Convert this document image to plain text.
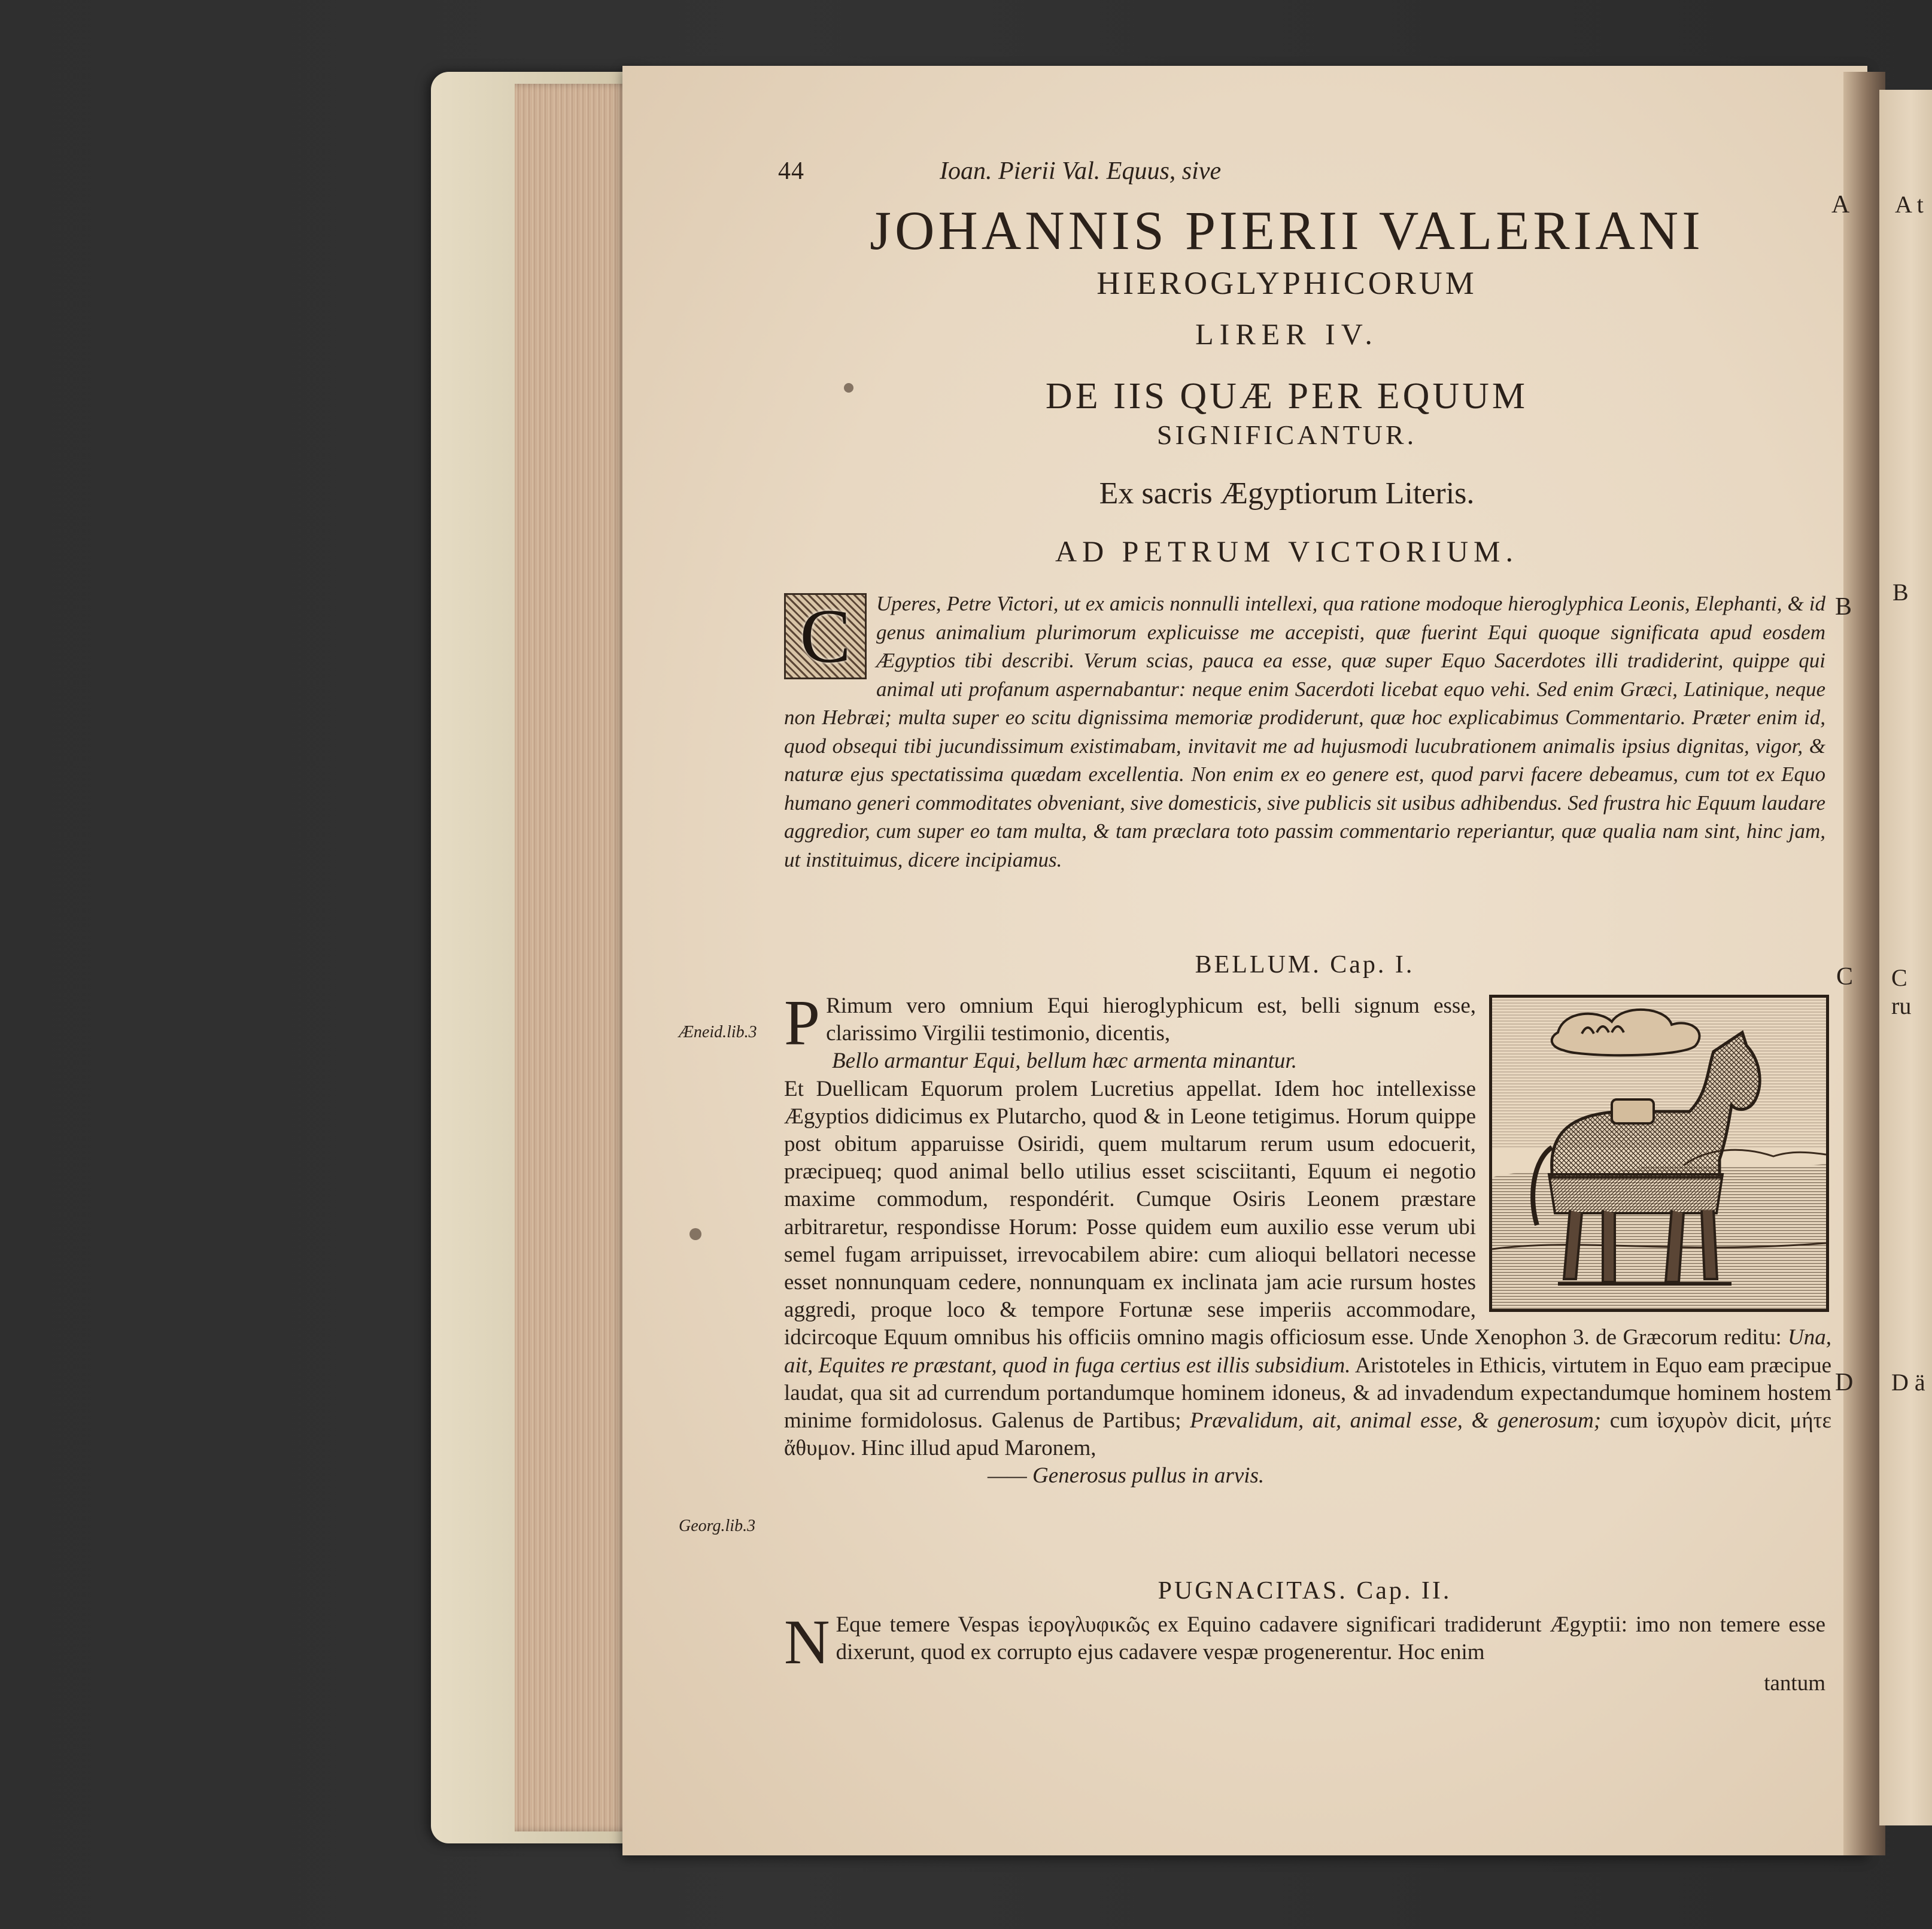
44	Ioan. Pierii Val. Equus, sive
JOHANNIS PIERII VALERIANI
HIEROGLYPHICORUM
LIRER IV.
DE IIS QUÆ PER EQUUM
SIGNIFICANTUR.
Ex sacris Ægyptiorum Literis.
AD PETRUM VICTORIUM.
A
B
C
D

C	Uperes, Petre Victori, ut ex amicis nonnulli intellexi, qua ratione modoque hieroglyphica Leonis, Elephanti, & id genus animalium plurimorum explicuisse me accepisti, quæ fuerint Equi quoque significata apud eosdem Ægyptios tibi describi. Verum scias, pauca ea esse, quæ super Equo Sacerdotes illi tradiderint, quippe qui animal uti profanum aspernabantur: neque enim Sacerdoti licebat equo vehi. Sed enim Græci, Latinique, neque non Hebræi; multa super eo scitu dignissima memoriæ prodiderunt, quæ hoc explicabimus Commentario. Præter enim id, quod obsequi tibi jucundissimum existimabam, invitavit me ad hujusmodi lucubrationem animalis ipsius dignitas, vigor, & naturæ ejus spectatissima quædam excellentia. Non enim ex eo genere est, quod parvi facere debeamus, cum tot ex Equo humano generi commoditates obveniant, sive domesticis, sive publicis sit usibus adhibendus. Sed frustra hic Equum laudare aggredior, cum super eo tam multa, & tam præclara toto passim commentario reperiantur, quæ qualia nam sint, hinc jam, ut instituimus, dicere incipiamus.

BELLUM. Cap. I.
Æneid.lib.3
Georg.lib.3
P Rimum vero omnium Equi hieroglyphicum est, belli signum esse, clarissimo Virgilii testimonio, dicentis,
Bello armantur Equi, bellum hæc armenta minantur.
Et Duellicam Equorum prolem Lucretius appellat. Idem hoc intellexisse Ægyptios didicimus ex Plutarcho, quod & in Leone tetigimus. Horum quippe post obitum apparuisse Osiridi, quem multarum rerum usum edocuerit, præcipueq; quod animal bello utilius esset scisciitanti, Equum ei negotio maxime commodum, respondérit. Cumque Osiris Leonem præstare arbitraretur, respondisse Horum: Posse quidem eum auxilio esse verum ubi semel fugam arripuisset, irrevocabilem abire: cum alioqui bellatori necesse esset nonnunquam cedere, nonnunquam ex inclinata jam acie rursum hostes aggredi, proque loco & tempore Fortunæ sese imperiis accommodare, idcircoque Equum omnibus his officiis omnino magis officiosum esse. Unde Xenophon 3. de Græcorum reditu: Una, ait, Equites re præstant, quod in fuga certius est illis subsidium. Aristoteles in Ethicis, virtutem in Equo eam præcipue laudat, qua sit ad currendum portandumque hominem idoneus, & ad invadendum expectandumque hominem hostem minime formidolosus. Galenus de Partibus; Prævalidum, ait, animal esse, & generosum; cum ἰσχυρὸν dicit, μήτε ἄθυμον. Hinc illud apud Maronem,
—— Generosus pullus in arvis.
PUGNACITAS. Cap. II.
N Eque temere Vespas ἱερογλυφικῶς ex Equino cadavere significari tradiderunt Ægyptii: imo non temere esse dixerunt, quod ex corrupto ejus cadavere vespæ progenerentur. Hoc enim
tantum
A t
B
C ru
D ä
